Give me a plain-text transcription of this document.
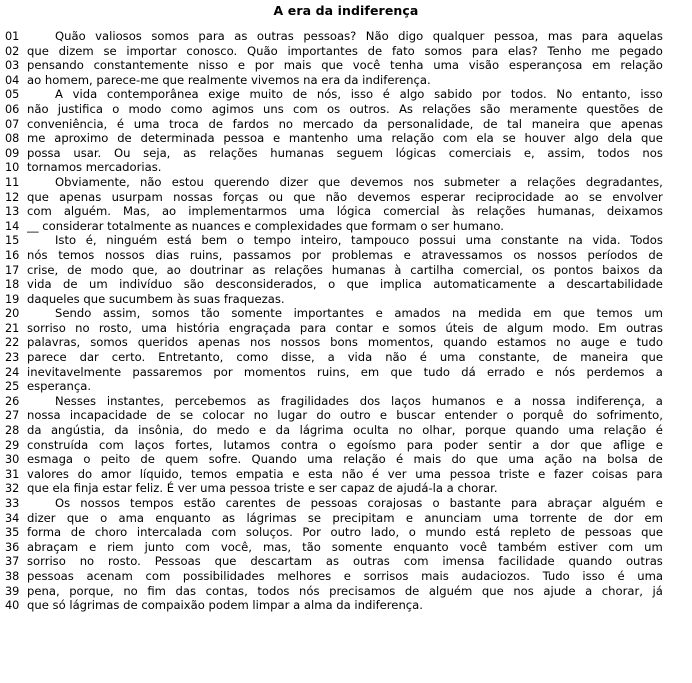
A era da indiferença
01	Quão valiosos somos para as outras pessoas? Não digo qualquer pessoa, mas para aquelas
02 que dizem se importar conosco. Quão importantes de fato somos para elas? Tenho me pegado
03 pensando constantemente nisso e por mais que você tenha uma visão esperançosa em relação
04 ao homem, parece-me que realmente vivemos na era da indiferença.
05	A vida contemporânea exige muito de nós, isso é algo sabido por todos. No entanto, isso
06 não justifica o modo como agimos uns com os outros. As relações são meramente questões de
07 conveniência, é uma troca de fardos no mercado da personalidade, de tal maneira que apenas
08 me aproximo de determinada pessoa e mantenho uma relação com ela se houver algo dela que
09 possa usar. Ou seja, as relações humanas seguem lógicas comerciais e, assim, todos nos
10 tornamos mercadorias.
11	Obviamente, não estou querendo dizer que devemos nos submeter a relações degradantes,
12 que apenas usurpam nossas forças ou que não devemos esperar reciprocidade ao se envolver
13 com alguém. Mas, ao implementarmos uma lógica comercial às relações humanas, deixamos
14 __ considerar totalmente as nuances e complexidades que formam o ser humano.
15	Isto é, ninguém está bem o tempo inteiro, tampouco possui uma constante na vida. Todos
16 nós temos nossos dias ruins, passamos por problemas e atravessamos os nossos períodos de
17 crise, de modo que, ao doutrinar as relações humanas à cartilha comercial, os pontos baixos da
18 vida de um indivíduo são desconsiderados, o que implica automaticamente a descartabilidade
19 daqueles que sucumbem às suas fraquezas.
20	Sendo assim, somos tão somente importantes e amados na medida em que temos um
21 sorriso no rosto, uma história engraçada para contar e somos úteis de algum modo. Em outras
22 palavras, somos queridos apenas nos nossos bons momentos, quando estamos no auge e tudo
23 parece dar certo. Entretanto, como disse, a vida não é uma constante, de maneira que
24 inevitavelmente passaremos por momentos ruins, em que tudo dá errado e nós perdemos a
25 esperança.
26	Nesses instantes, percebemos as fragilidades dos laços humanos e a nossa indiferença, a
27 nossa incapacidade de se colocar no lugar do outro e buscar entender o porquê do sofrimento,
28 da angústia, da insônia, do medo e da lágrima oculta no olhar, porque quando uma relação é
29 construída com laços fortes, lutamos contra o egoísmo para poder sentir a dor que aflige e
30 esmaga o peito de quem sofre. Quando uma relação é mais do que uma ação na bolsa de
31 valores do amor líquido, temos empatia e esta não é ver uma pessoa triste e fazer coisas para
32 que ela finja estar feliz. É ver uma pessoa triste e ser capaz de ajudá-la a chorar.
33	Os nossos tempos estão carentes de pessoas corajosas o bastante para abraçar alguém e
34 dizer que o ama enquanto as lágrimas se precipitam e anunciam uma torrente de dor em
35 forma de choro intercalada com soluços. Por outro lado, o mundo está repleto de pessoas que
36 abraçam e riem junto com você, mas, tão somente enquanto você também estiver com um
37 sorriso no rosto. Pessoas que descartam as outras com imensa facilidade quando outras
38 pessoas acenam com possibilidades melhores e sorrisos mais audaciozos. Tudo isso é uma
39 pena, porque, no fim das contas, todos nós precisamos de alguém que nos ajude a chorar, já
40 que só lágrimas de compaixão podem limpar a alma da indiferença.
